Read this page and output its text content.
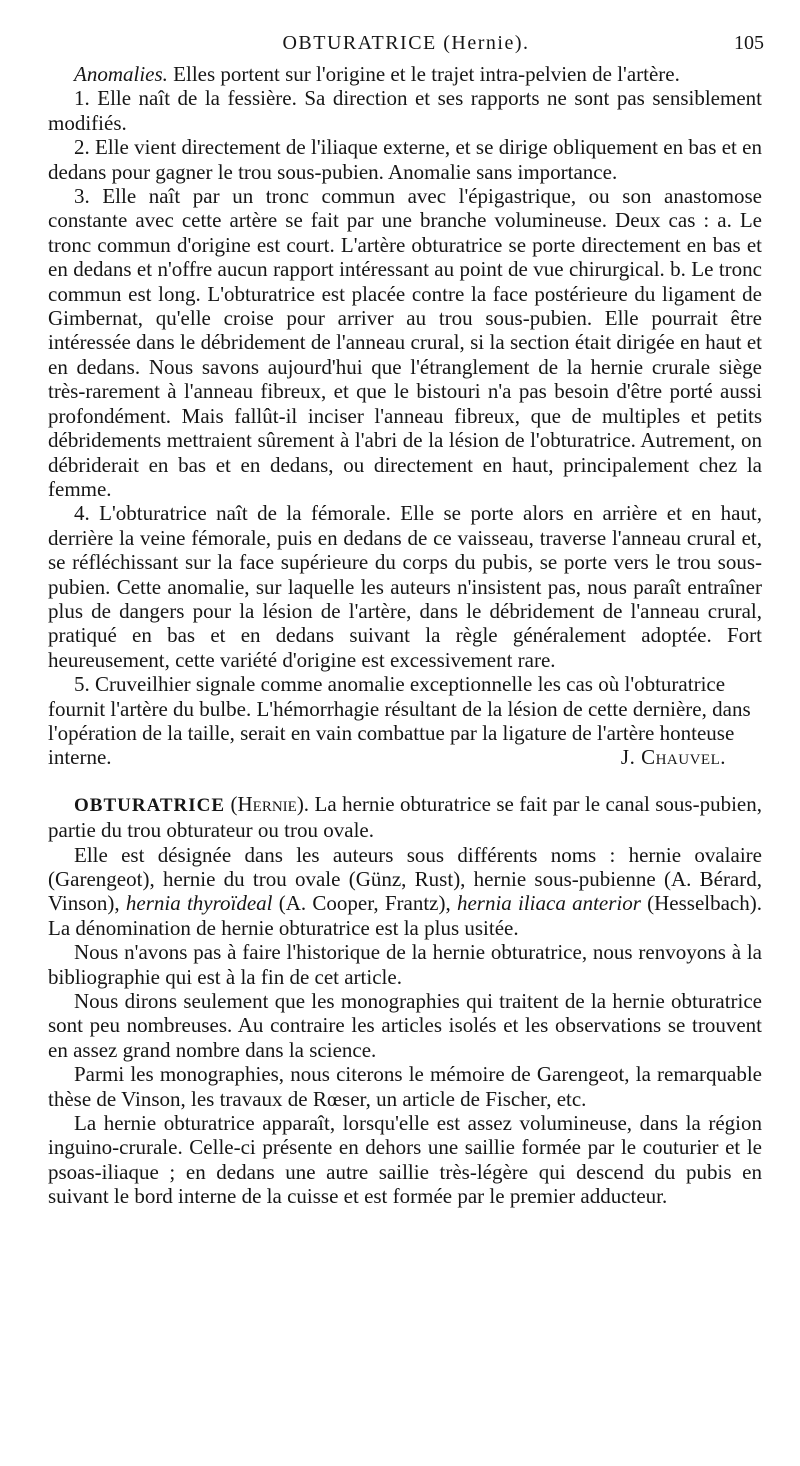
OBTURATRICE (Hernie).	105

Anomalies. Elles portent sur l'origine et le trajet intra-pelvien de l'artère.

1. Elle naît de la fessière. Sa direction et ses rapports ne sont pas sensiblement modifiés.

2. Elle vient directement de l'iliaque externe, et se dirige obliquement en bas et en dedans pour gagner le trou sous-pubien. Anomalie sans importance.

3. Elle naît par un tronc commun avec l'épigastrique, ou son anastomose constante avec cette artère se fait par une branche volumineuse. Deux cas : a. Le tronc commun d'origine est court. L'artère obturatrice se porte directement en bas et en dedans et n'offre aucun rapport intéressant au point de vue chirurgical. b. Le tronc commun est long. L'obturatrice est placée contre la face postérieure du ligament de Gimbernat, qu'elle croise pour arriver au trou sous-pubien. Elle pourrait être intéressée dans le débridement de l'anneau crural, si la section était dirigée en haut et en dedans. Nous savons aujourd'hui que l'étranglement de la hernie crurale siège très-rarement à l'anneau fibreux, et que le bistouri n'a pas besoin d'être porté aussi profondément. Mais fallût-il inciser l'anneau fibreux, que de multiples et petits débridements mettraient sûrement à l'abri de la lésion de l'obturatrice. Autrement, on débriderait en bas et en dedans, ou directement en haut, principalement chez la femme.

4. L'obturatrice naît de la fémorale. Elle se porte alors en arrière et en haut, derrière la veine fémorale, puis en dedans de ce vaisseau, traverse l'anneau crural et, se réfléchissant sur la face supérieure du corps du pubis, se porte vers le trou sous-pubien. Cette anomalie, sur laquelle les auteurs n'insistent pas, nous paraît entraîner plus de dangers pour la lésion de l'artère, dans le débridement de l'anneau crural, pratiqué en bas et en dedans suivant la règle généralement adoptée. Fort heureusement, cette variété d'origine est excessivement rare.

5. Cruveilhier signale comme anomalie exceptionnelle les cas où l'obturatrice fournit l'artère du bulbe. L'hémorrhagie résultant de la lésion de cette dernière, dans l'opération de la taille, serait en vain combattue par la ligature de l'artère honteuse interne.	J. Chauvel.

OBTURATRICE (Hernie). La hernie obturatrice se fait par le canal sous-pubien, partie du trou obturateur ou trou ovale.

Elle est désignée dans les auteurs sous différents noms : hernie ovalaire (Garengeot), hernie du trou ovale (Günz, Rust), hernie sous-pubienne (A. Bérard, Vinson), hernia thyroïdeal (A. Cooper, Frantz), hernia iliaca anterior (Hesselbach). La dénomination de hernie obturatrice est la plus usitée.

Nous n'avons pas à faire l'historique de la hernie obturatrice, nous renvoyons à la bibliographie qui est à la fin de cet article.

Nous dirons seulement que les monographies qui traitent de la hernie obturatrice sont peu nombreuses. Au contraire les articles isolés et les observations se trouvent en assez grand nombre dans la science.

Parmi les monographies, nous citerons le mémoire de Garengeot, la remarquable thèse de Vinson, les travaux de Rœser, un article de Fischer, etc.

La hernie obturatrice apparaît, lorsqu'elle est assez volumineuse, dans la région inguino-crurale. Celle-ci présente en dehors une saillie formée par le couturier et le psoas-iliaque ; en dedans une autre saillie très-légère qui descend du pubis en suivant le bord interne de la cuisse et est formée par le premier adducteur.
